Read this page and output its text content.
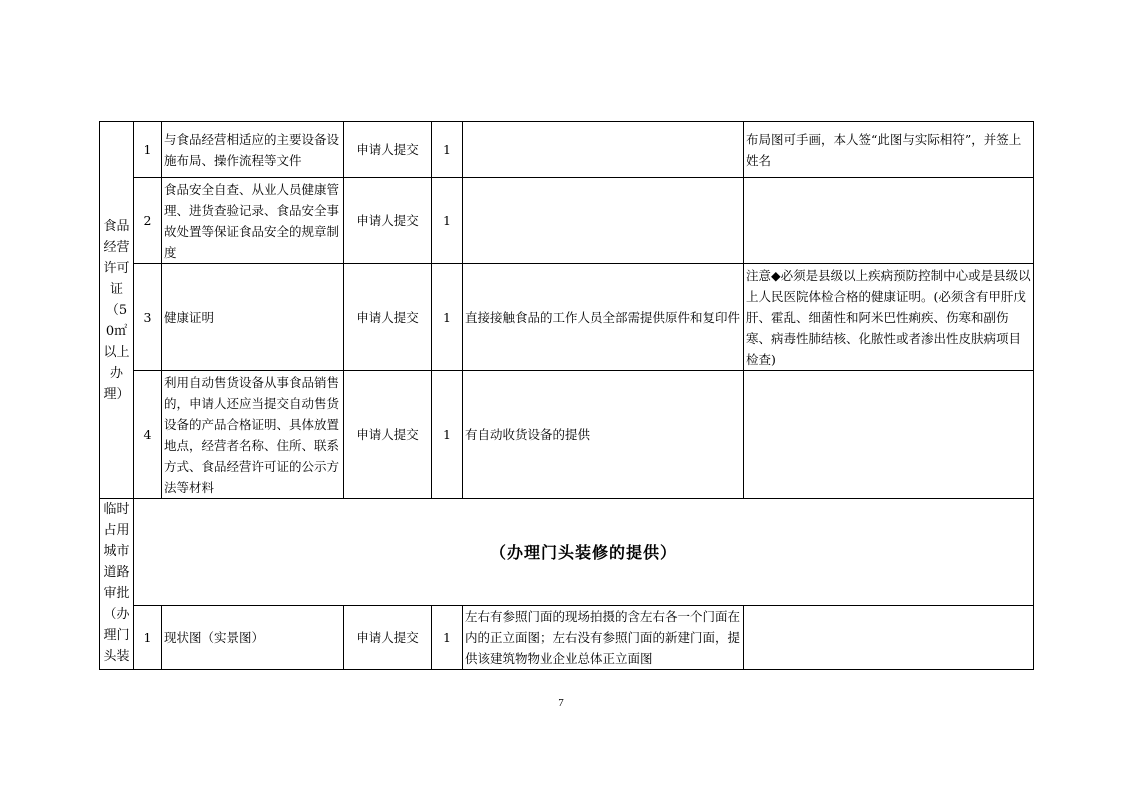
食品经营许可证（50㎡以上办理）	1	与食品经营相适应的主要设备设施布局、操作流程等文件	申请人提交	1		布局图可手画，本人签“此图与实际相符”，并签上姓名
	2	食品安全自查、从业人员健康管理、进货查验记录、食品安全事故处置等保证食品安全的规章制度	申请人提交	1		
	3	健康证明	申请人提交	1	直接接触食品的工作人员全部需提供原件和复印件	注意◆必须是县级以上疾病预防控制中心或是县级以上人民医院体检合格的健康证明。(必须含有甲肝戊肝、霍乱、细菌性和阿米巴性痢疾、伤寒和副伤寒、病毒性肺结核、化脓性或者渗出性皮肤病项目检查)
	4	利用自动售货设备从事食品销售的，申请人还应当提交自动售货设备的产品合格证明、具体放置地点，经营者名称、住所、联系方式、食品经营许可证的公示方法等材料	申请人提交	1	有自动收货设备的提供	
临时占用城市道路审批（办理门头装	（办理门头装修的提供）					
	1	现状图（实景图）	申请人提交	1	左右有参照门面的现场拍摄的含左右各一个门面在内的正立面图；左右没有参照门面的新建门面，提供该建筑物物业企业总体正立面图	
7
